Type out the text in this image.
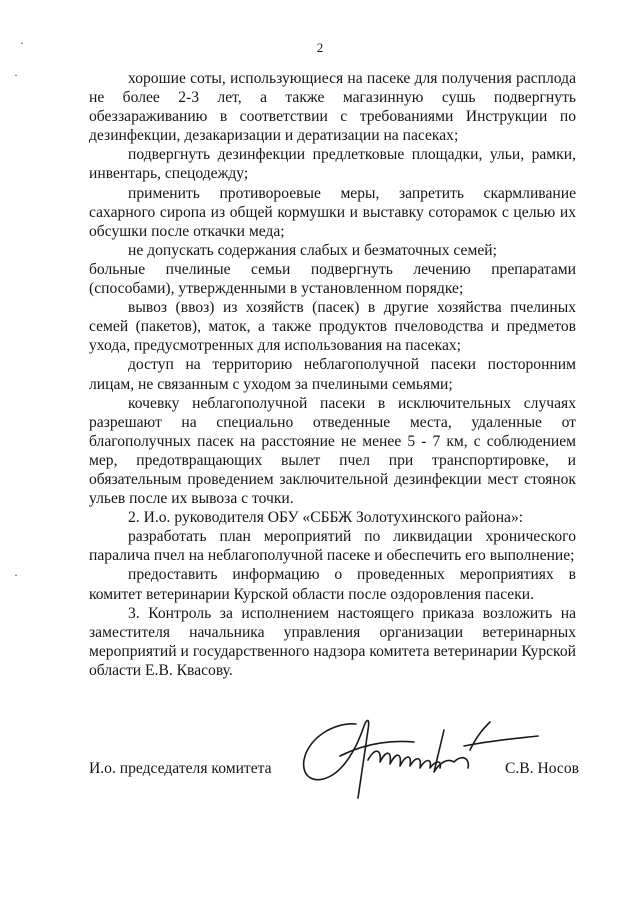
2
·
·
·

хорошие соты, использующиеся на пасеке для получения расплода не более 2-3 лет, а также магазинную сушь подвергнуть обеззараживанию в соответствии с требованиями Инструкции по дезинфекции, дезакаризации и дератизации на пасеках;

подвергнуть дезинфекции предлетковые площадки, ульи, рамки, инвентарь, спецодежду;

применить противороевые меры, запретить скармливание сахарного сиропа из общей кормушки и выставку соторамок с целью их обсушки после откачки меда;

не допускать содержания слабых и безматочных семей;

больные пчелиные семьи подвергнуть лечению препаратами (способами), утвержденными в установленном порядке;

вывоз (ввоз) из хозяйств (пасек) в другие хозяйства пчелиных семей (пакетов), маток, а также продуктов пчеловодства и предметов ухода, предусмотренных для использования на пасеках;

доступ на территорию неблагополучной пасеки посторонним лицам, не связанным с уходом за пчелиными семьями;

кочевку неблагополучной пасеки в исключительных случаях разрешают на специально отведенные места, удаленные от благополучных пасек на расстояние не менее 5 - 7 км, с соблюдением мер, предотвращающих вылет пчел при транспортировке, и обязательным проведением заключительной дезинфекции мест стоянок ульев после их вывоза с точки.

2. И.о. руководителя ОБУ «СББЖ Золотухинского района»:

разработать план мероприятий по ликвидации хронического паралича пчел на неблагополучной пасеке и обеспечить его выполнение;

предоставить информацию о проведенных мероприятиях в комитет ветеринарии Курской области после оздоровления пасеки.

3. Контроль за исполнением настоящего приказа возложить на заместителя начальника управления организации ветеринарных мероприятий и государственного надзора комитета ветеринарии Курской области Е.В. Квасову.

И.о. председателя комитета	С.В. Носов
